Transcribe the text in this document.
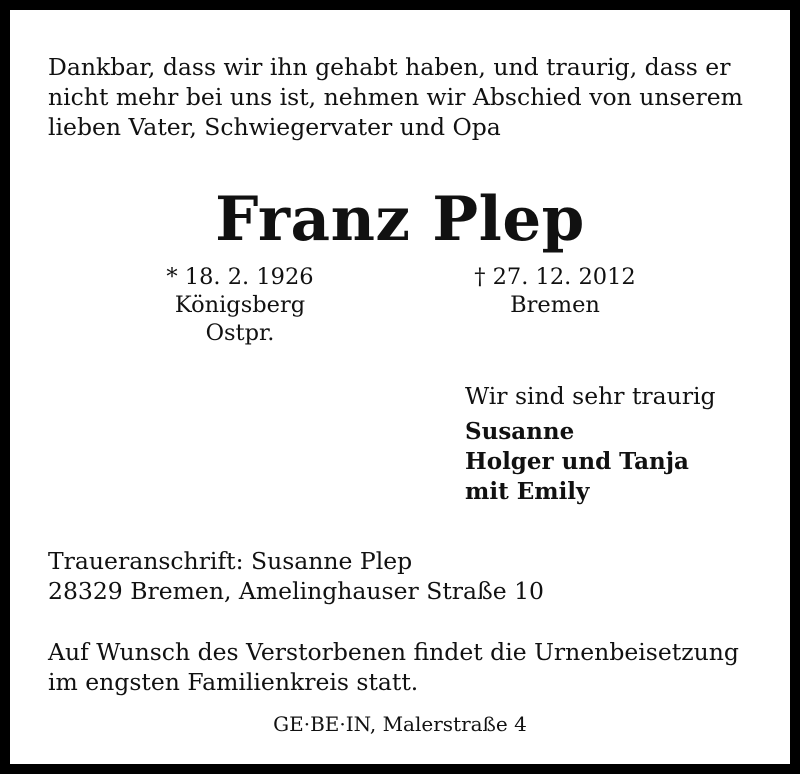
Dankbar, dass wir ihn gehabt haben, und traurig, dass er
nicht mehr bei uns ist, nehmen wir Abschied von unserem
lieben Vater, Schwiegervater und Opa

Franz Plep
* 18. 2. 1926
Königsberg
Ostpr.
† 27. 12. 2012
Bremen
Wir sind sehr traurig
Susanne
Holger und Tanja
mit Emily
Traueranschrift: Susanne Plep
28329 Bremen, Amelinghauser Straße 10
Auf Wunsch des Verstorbenen findet die Urnenbeisetzung
im engsten Familienkreis statt.
GE·BE·IN, Malerstraße 4
